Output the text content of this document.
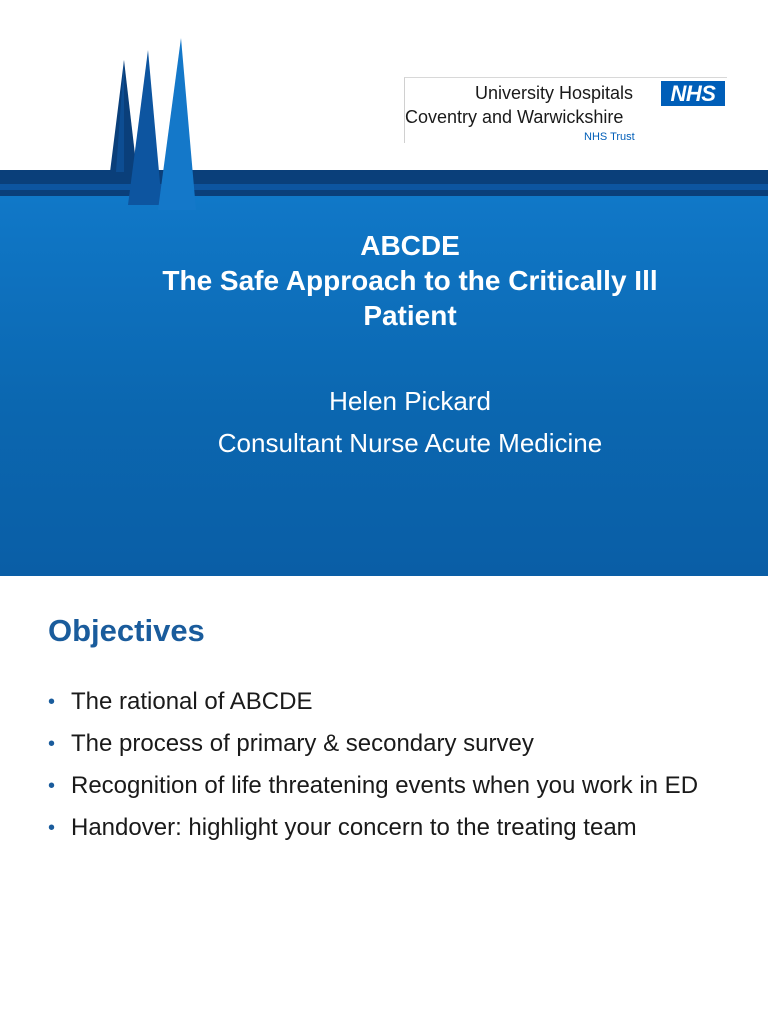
University Hospitals	NHS
Coventry and Warwickshire
NHS Trust
ABCDE
The Safe Approach to the Critically Ill
Patient
Helen Pickard
Consultant Nurse Acute Medicine
Objectives
• The rational of ABCDE
• The process of primary & secondary survey
• Recognition of life threatening events when you work in ED
• Handover: highlight your concern to the treating team
